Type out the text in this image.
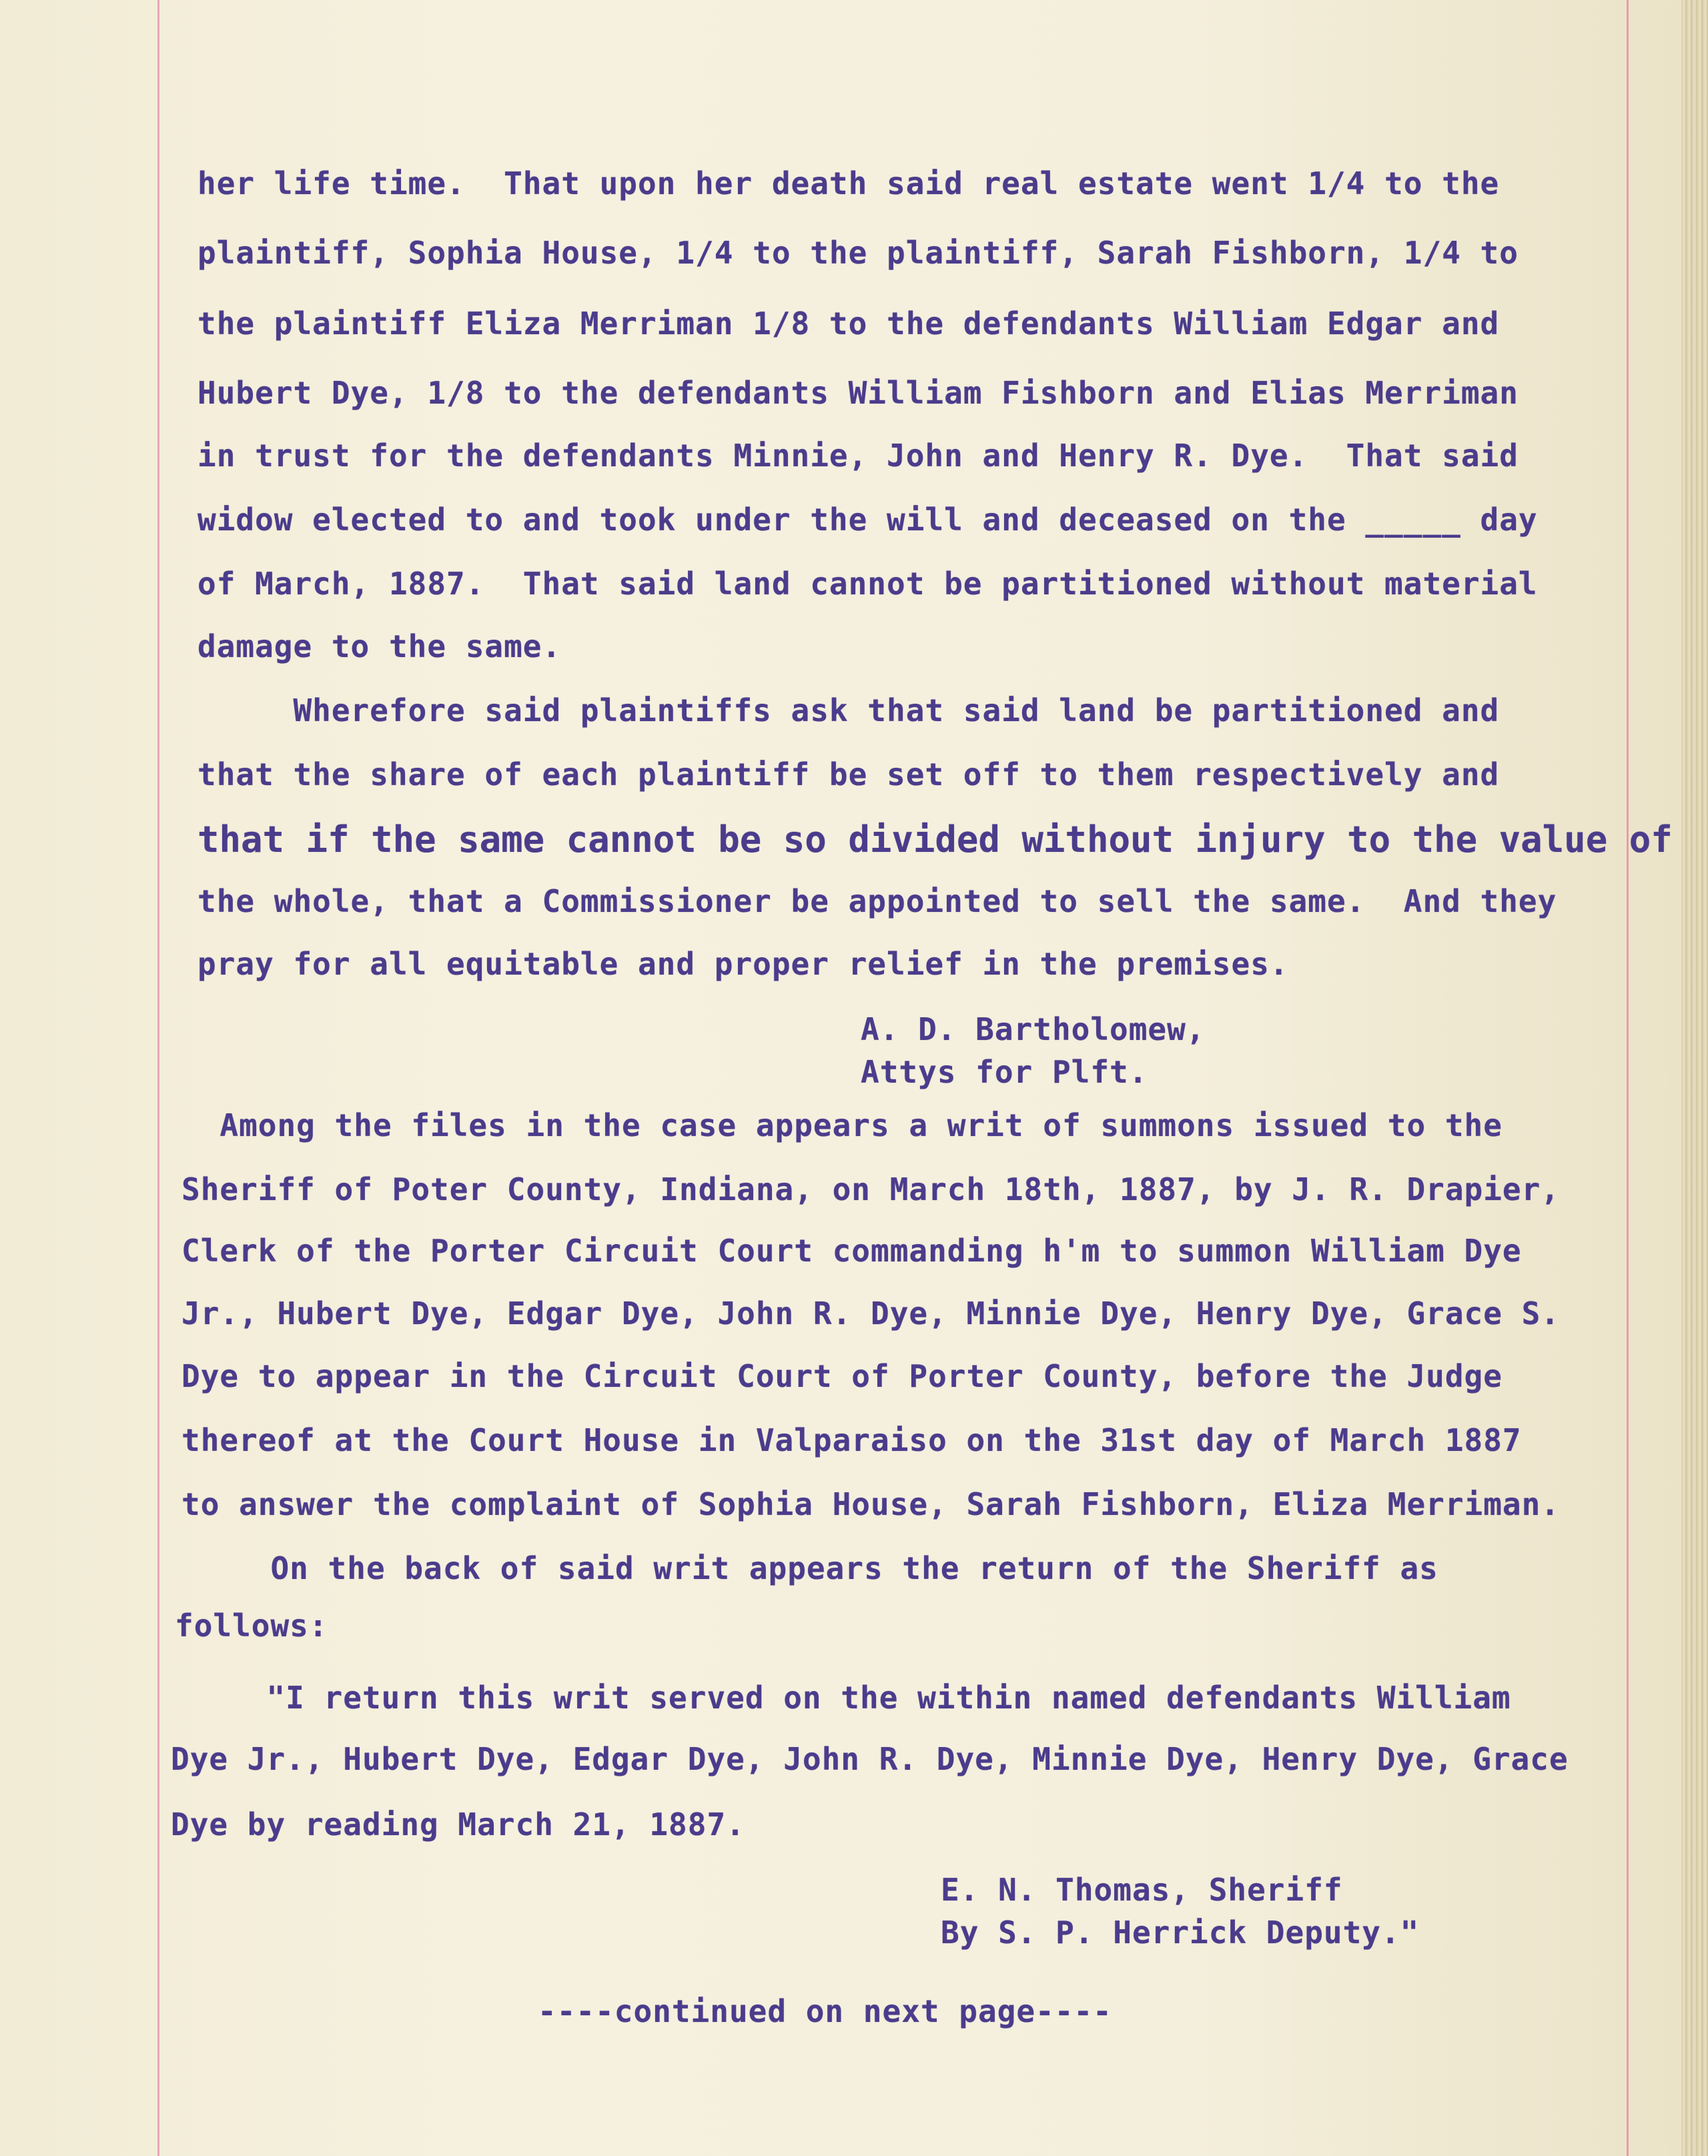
her life time.  That upon her death said real estate went 1/4 to the
plaintiff, Sophia House, 1/4 to the plaintiff, Sarah Fishborn, 1/4 to
the plaintiff Eliza Merriman 1/8 to the defendants William Edgar and
Hubert Dye, 1/8 to the defendants William Fishborn and Elias Merriman
in trust for the defendants Minnie, John and Henry R. Dye.  That said
widow elected to and took under the will and deceased on the _____ day
of March, 1887.  That said land cannot be partitioned without material
damage to the same.
Wherefore said plaintiffs ask that said land be partitioned and
that the share of each plaintiff be set off to them respectively and
that if the same cannot be so divided without injury to the value of
the whole, that a Commissioner be appointed to sell the same.  And they
pray for all equitable and proper relief in the premises.
A. D. Bartholomew,
Attys for Plft.
Among the files in the case appears a writ of summons issued to the
Sheriff of Poter County, Indiana, on March 18th, 1887, by J. R. Drapier,
Clerk of the Porter Circuit Court commanding h'm to summon William Dye
Jr., Hubert Dye, Edgar Dye, John R. Dye, Minnie Dye, Henry Dye, Grace S.
Dye to appear in the Circuit Court of Porter County, before the Judge
thereof at the Court House in Valparaiso on the 31st day of March 1887
to answer the complaint of Sophia House, Sarah Fishborn, Eliza Merriman.
On the back of said writ appears the return of the Sheriff as
follows:
"I return this writ served on the within named defendants William
Dye Jr., Hubert Dye, Edgar Dye, John R. Dye, Minnie Dye, Henry Dye, Grace
Dye by reading March 21, 1887.
E. N. Thomas, Sheriff
By S. P. Herrick Deputy."
----continued on next page----
